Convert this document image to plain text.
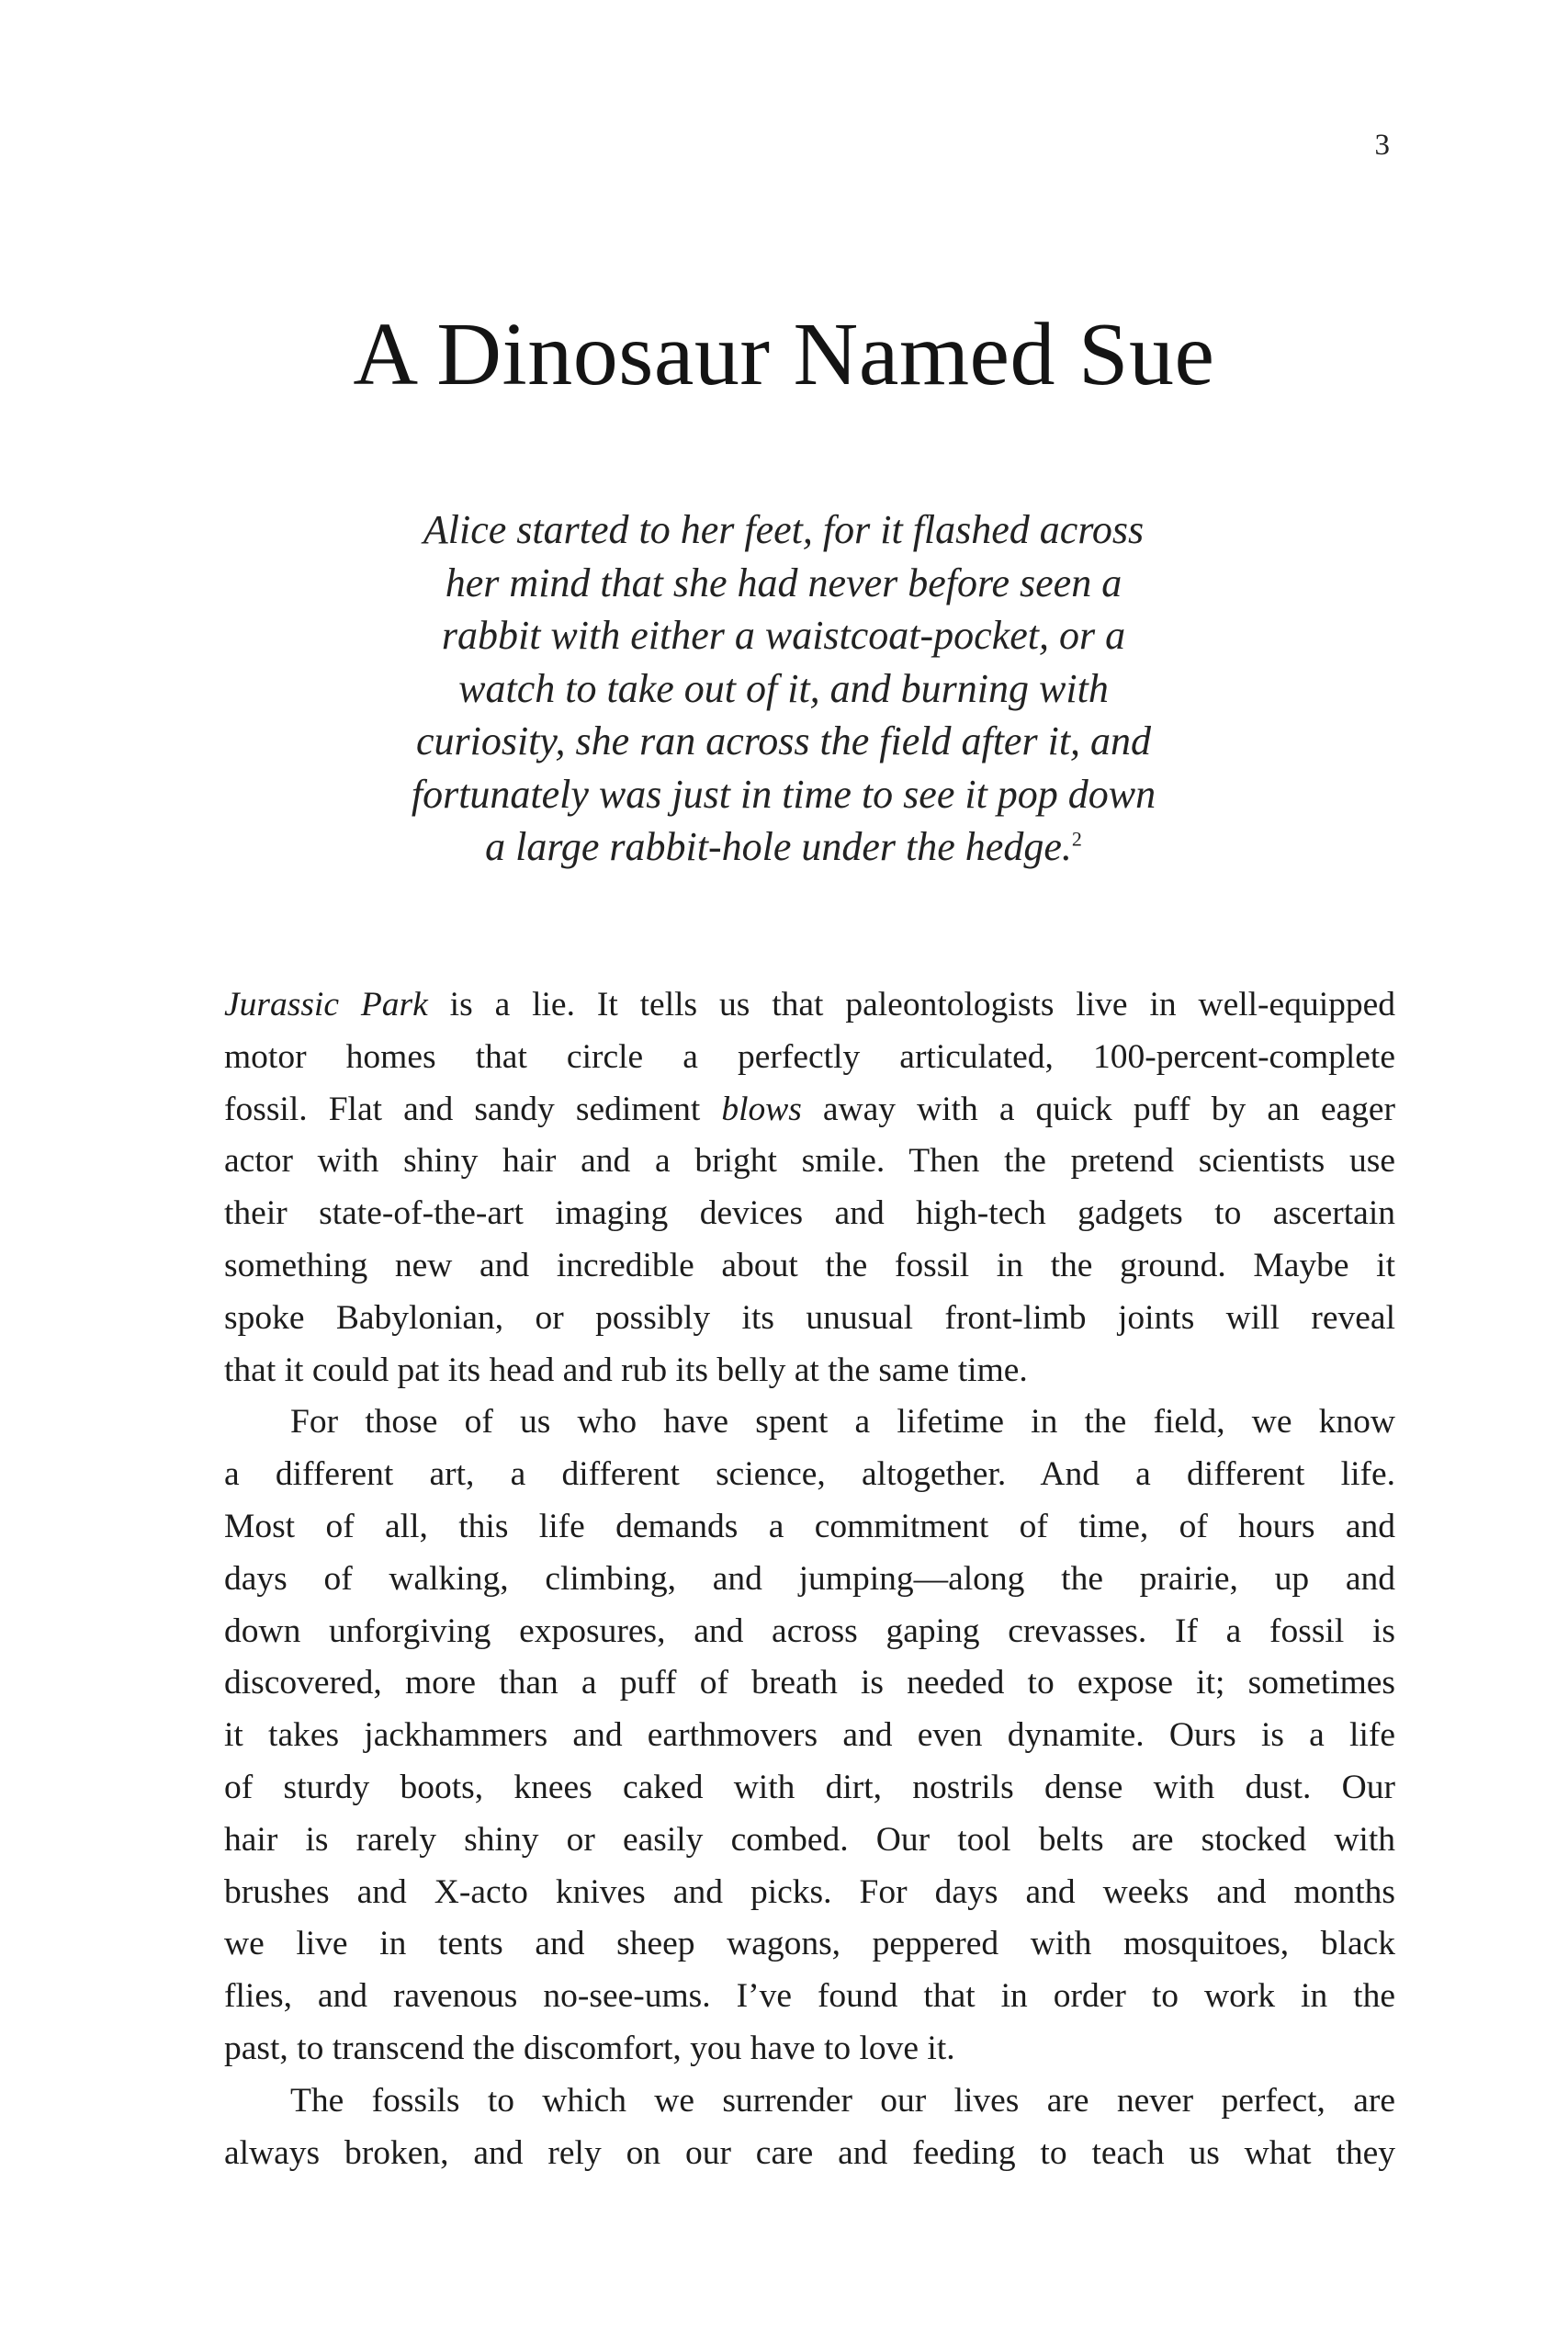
3
A Dinosaur Named Sue
Alice started to her feet, for it flashed across
her mind that she had never before seen a
rabbit with either a waistcoat-pocket, or a
watch to take out of it, and burning with
curiosity, she ran across the field after it, and
fortunately was just in time to see it pop down
a large rabbit-hole under the hedge.$^2$
Jurassic Park is a lie. It tells us that paleontologists live in well-equipped
motor homes that circle a perfectly articulated, 100-percent-complete
fossil. Flat and sandy sediment blows away with a quick puff by an eager
actor with shiny hair and a bright smile. Then the pretend scientists use
their state-of-the-art imaging devices and high-tech gadgets to ascertain
something new and incredible about the fossil in the ground. Maybe it
spoke Babylonian, or possibly its unusual front-limb joints will reveal
that it could pat its head and rub its belly at the same time.
For those of us who have spent a lifetime in the field, we know
a different art, a different science, altogether. And a different life.
Most of all, this life demands a commitment of time, of hours and
days of walking, climbing, and jumping—along the prairie, up and
down unforgiving exposures, and across gaping crevasses. If a fossil is
discovered, more than a puff of breath is needed to expose it; sometimes
it takes jackhammers and earthmovers and even dynamite. Ours is a life
of sturdy boots, knees caked with dirt, nostrils dense with dust. Our
hair is rarely shiny or easily combed. Our tool belts are stocked with
brushes and X-acto knives and picks. For days and weeks and months
we live in tents and sheep wagons, peppered with mosquitoes, black
flies, and ravenous no-see-ums. I’ve found that in order to work in the
past, to transcend the discomfort, you have to love it.
The fossils to which we surrender our lives are never perfect, are
always broken, and rely on our care and feeding to teach us what they
